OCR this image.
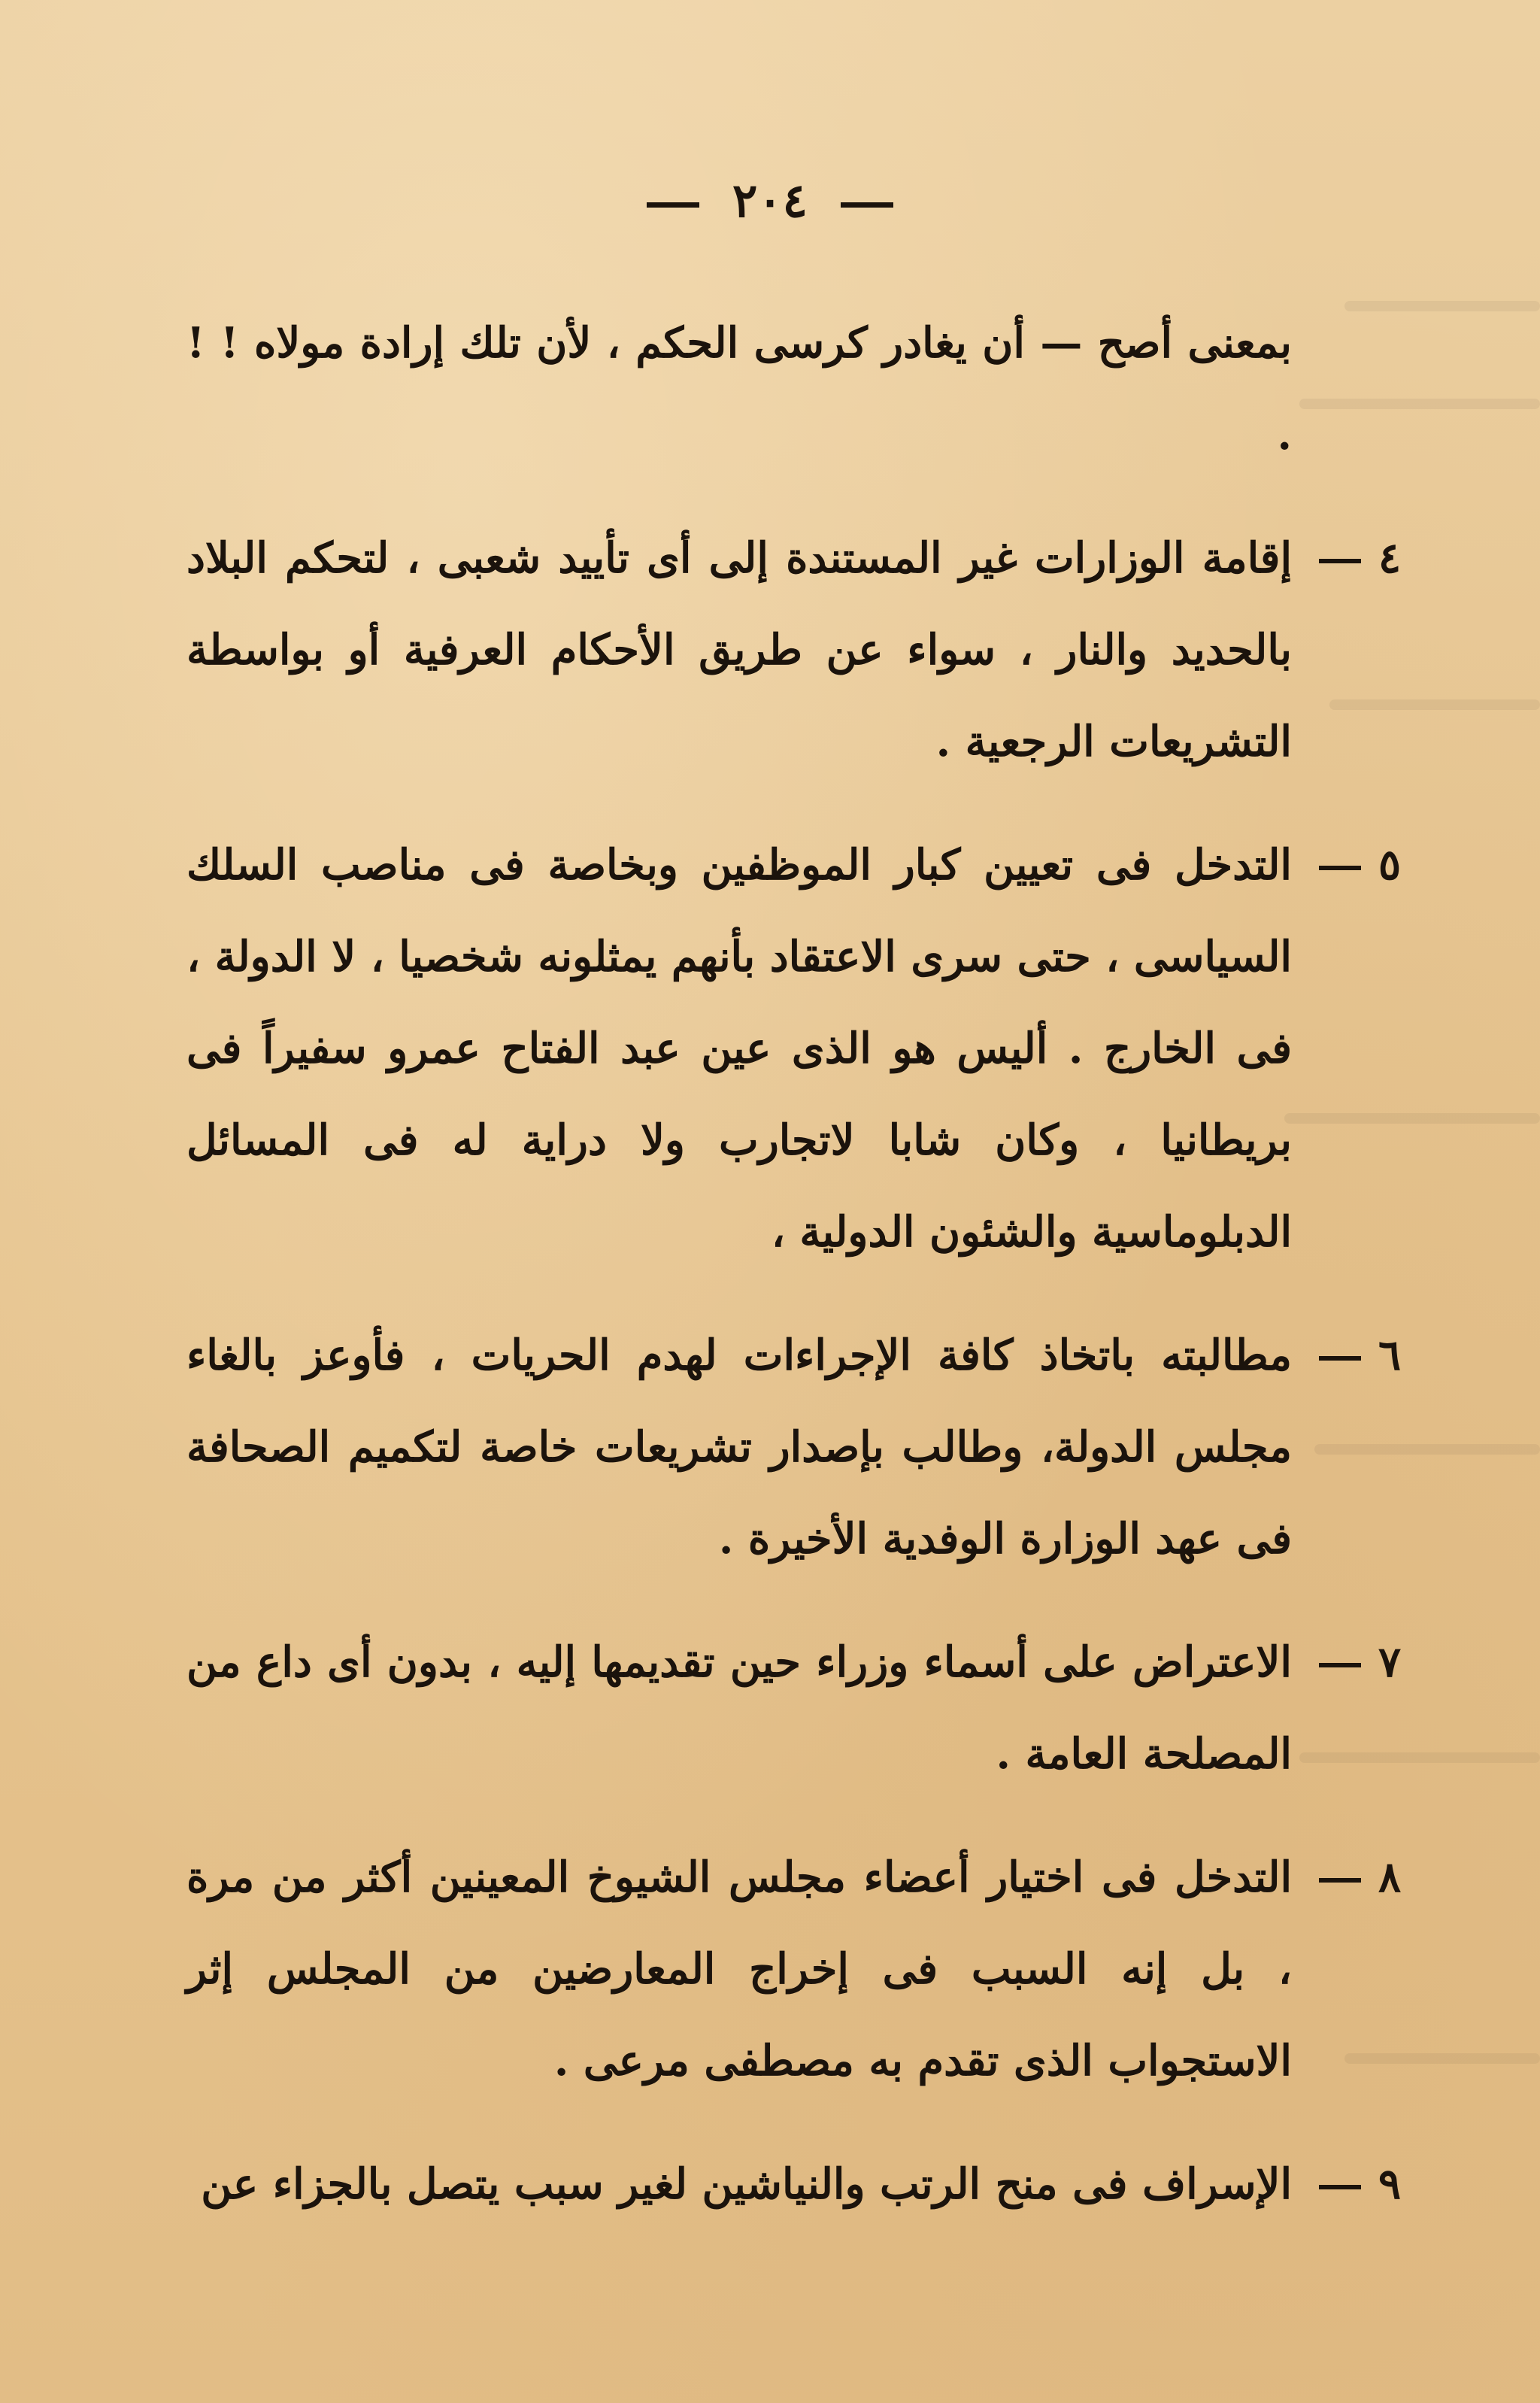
٢٠٤
بمعنى أصح — أن يغادر كرسى الحكم ، لأن تلك إرادة مولاه ! ! .
٤
إقامة الوزارات غير المستندة إلى أى تأييد شعبى ، لتحكم البلاد بالحديد والنار ، سواء عن طريق الأحكام العرفية أو بواسطة التشريعات الرجعية .
٥
التدخل فى تعيين كبار الموظفين وبخاصة فى مناصب السلك السياسى ، حتى سرى الاعتقاد بأنهم يمثلونه شخصيا ، لا الدولة ، فى الخارج . أليس هو الذى عين عبد الفتاح عمرو سفيراً فى بريطانيا ، وكان شابا لاتجارب ولا دراية له فى المسائل الدبلوماسية والشئون الدولية ،
٦
مطالبته باتخاذ كافة الإجراءات لهدم الحريات ، فأوعز بالغاء مجلس الدولة، وطالب بإصدار تشريعات خاصة لتكميم الصحافة فى عهد الوزارة الوفدية الأخيرة .
٧
الاعتراض على أسماء وزراء حين تقديمها إليه ، بدون أى داع من المصلحة العامة .
٨
التدخل فى اختيار أعضاء مجلس الشيوخ المعينين أكثر من مرة ، بل إنه السبب فى إخراج المعارضين من المجلس إثر الاستجواب الذى تقدم به مصطفى مرعى .
٩
الإسراف فى منح الرتب والنياشين لغير سبب يتصل بالجزاء عن
